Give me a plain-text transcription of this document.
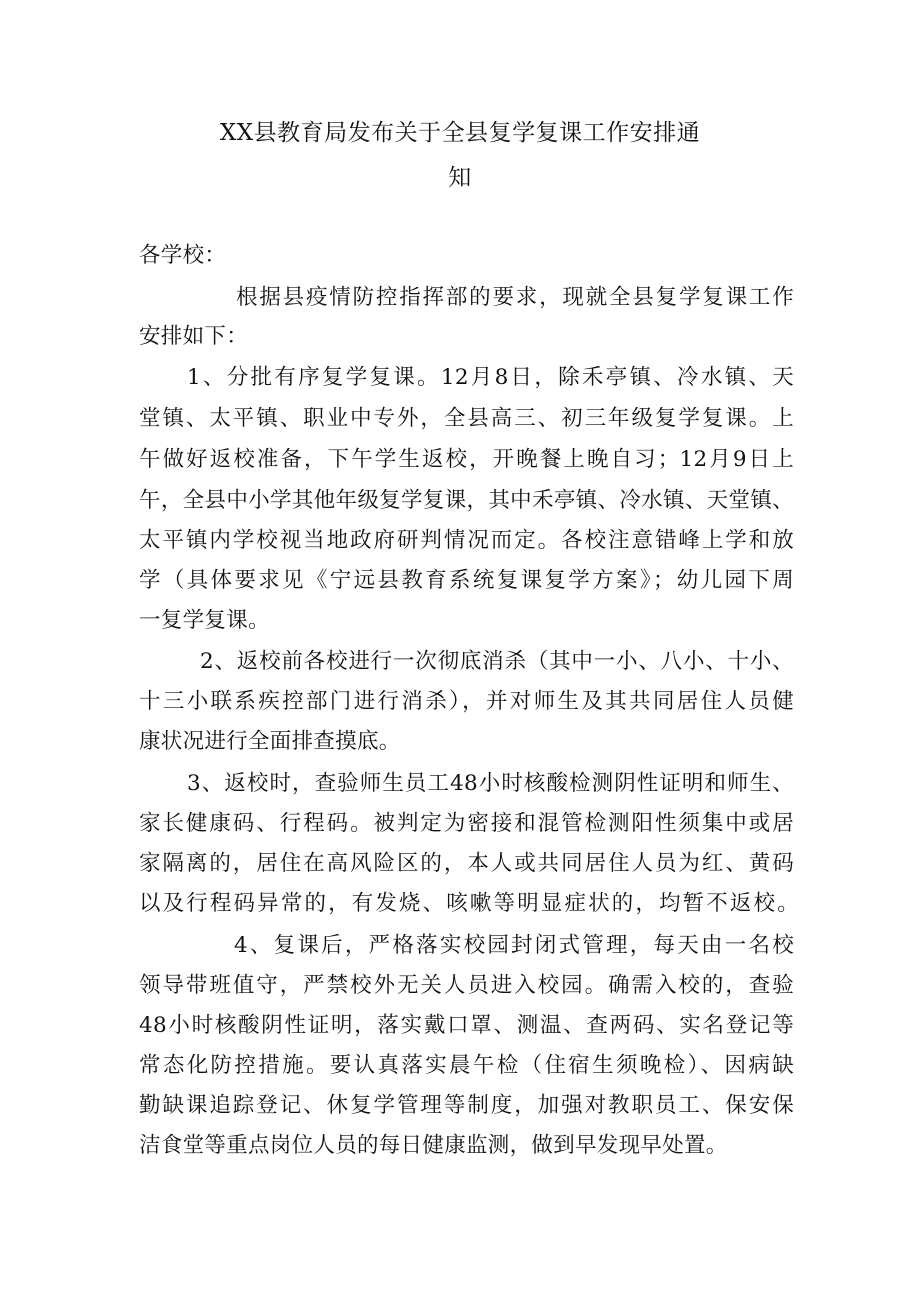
XX县教育局发布关于全县复学复课工作安排通
知
各学校：
根据县疫情防控指挥部的要求，现就全县复学复课工作
安排如下：
1、分批有序复学复课。12月8日，除禾亭镇、冷水镇、天
堂镇、太平镇、职业中专外，全县高三、初三年级复学复课。上
午做好返校准备，下午学生返校，开晚餐上晚自习；12月9日上
午，全县中小学其他年级复学复课，其中禾亭镇、冷水镇、天堂镇、
太平镇内学校视当地政府研判情况而定。各校注意错峰上学和放
学（具体要求见《宁远县教育系统复课复学方案》；幼儿园下周
一复学复课。
2、返校前各校进行一次彻底消杀（其中一小、八小、十小、
十三小联系疾控部门进行消杀），并对师生及其共同居住人员健
康状况进行全面排查摸底。
3、返校时，查验师生员工48小时核酸检测阴性证明和师生、
家长健康码、行程码。被判定为密接和混管检测阳性须集中或居
家隔离的，居住在高风险区的，本人或共同居住人员为红、黄码
以及行程码异常的，有发烧、咳嗽等明显症状的，均暂不返校。
4、复课后，严格落实校园封闭式管理，每天由一名校
领导带班值守，严禁校外无关人员进入校园。确需入校的，查验
48小时核酸阴性证明，落实戴口罩、测温、查两码、实名登记等
常态化防控措施。要认真落实晨午检（住宿生须晚检）、因病缺
勤缺课追踪登记、休复学管理等制度，加强对教职员工、保安保
洁食堂等重点岗位人员的每日健康监测，做到早发现早处置。
